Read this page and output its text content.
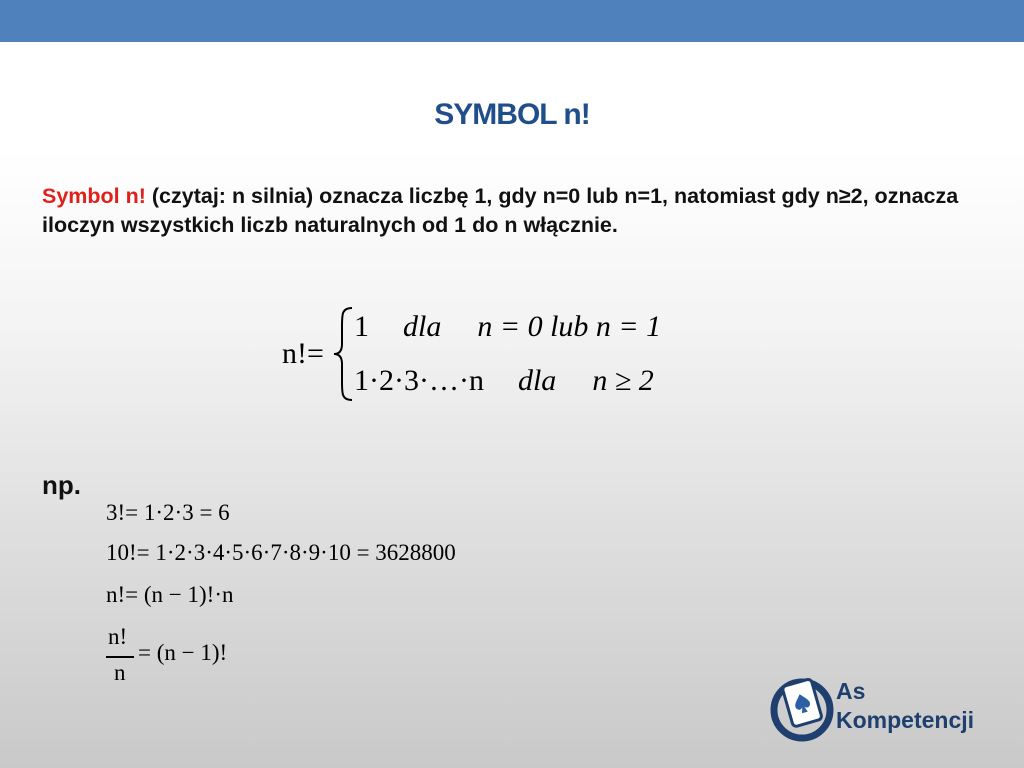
SYMBOL n!
Symbol n! (czytaj: n silnia) oznacza liczbę 1, gdy n=0 lub n=1, natomiast gdy n≥2, oznacza iloczyn wszystkich liczb naturalnych od 1 do n włącznie.
n!=
1 dla n = 0 lub n = 1
1·2·3·…·n dla n ≥ 2
np.
3!= 1·2·3 = 6
10!= 1·2·3·4·5·6·7·8·9·10 = 3628800
n!= (n − 1)!·n
n!
n
= (n − 1)!
As
Kompetencji
